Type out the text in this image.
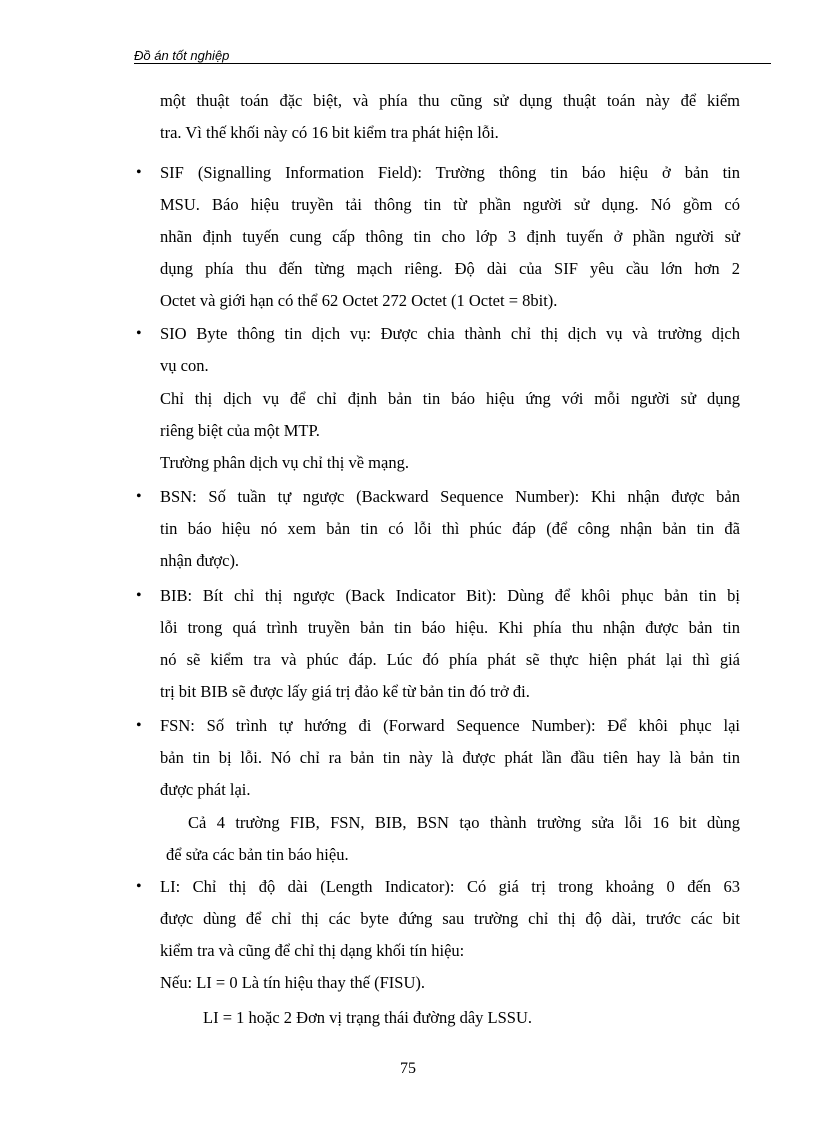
Đồ án tốt nghiệp
một thuật toán đặc biệt, và phía thu cũng sử dụng thuật toán này để kiểm
tra. Vì thế khối này có 16 bit kiểm tra phát hiện lỗi.
• SIF (Signalling Information Field): Trường thông tin báo hiệu ở bản tin
MSU. Báo hiệu truyền tải thông tin từ phần người sử dụng. Nó gồm có
nhãn định tuyến cung cấp thông tin cho lớp 3 định tuyến ở phần người sử
dụng phía thu đến từng mạch riêng. Độ dài của SIF yêu cầu lớn hơn 2
Octet và giới hạn có thể 62 Octet 272 Octet (1 Octet = 8bit).
• SIO Byte thông tin dịch vụ: Được chia thành chỉ thị dịch vụ và trường dịch
vụ con.
Chỉ thị dịch vụ để chỉ định bản tin báo hiệu ứng với mỗi người sử dụng
riêng biệt của một MTP.
Trường phân dịch vụ chỉ thị về mạng.
• BSN: Số tuần tự ngược (Backward Sequence Number): Khi nhận được bản
tin báo hiệu nó xem bản tin có lỗi thì phúc đáp (để công nhận bản tin đã
nhận được).
• BIB: Bít chỉ thị ngược (Back Indicator Bit): Dùng để khôi phục bản tin bị
lỗi trong quá trình truyền bản tin báo hiệu. Khi phía thu nhận được bản tin
nó sẽ kiểm tra và phúc đáp. Lúc đó phía phát sẽ thực hiện phát lại thì giá
trị bit BIB sẽ được lấy giá trị đảo kể từ bản tin đó trở đi.
• FSN: Số trình tự hướng đi (Forward Sequence Number): Để khôi phục lại
bản tin bị lỗi. Nó chỉ ra bản tin này là được phát lần đầu tiên hay là bản tin
được phát lại.
Cả 4 trường FIB, FSN, BIB, BSN tạo thành trường sửa lỗi 16 bit dùng
để sửa các bản tin báo hiệu.
• LI: Chỉ thị độ dài (Length Indicator): Có giá trị trong khoảng 0 đến 63
được dùng để chỉ thị các byte đứng sau trường chỉ thị độ dài, trước các bit
kiểm tra và cũng để chỉ thị dạng khối tín hiệu:
Nếu: LI = 0 Là tín hiệu thay thế (FISU).
LI = 1 hoặc 2 Đơn vị trạng thái đường dây LSSU.
75
